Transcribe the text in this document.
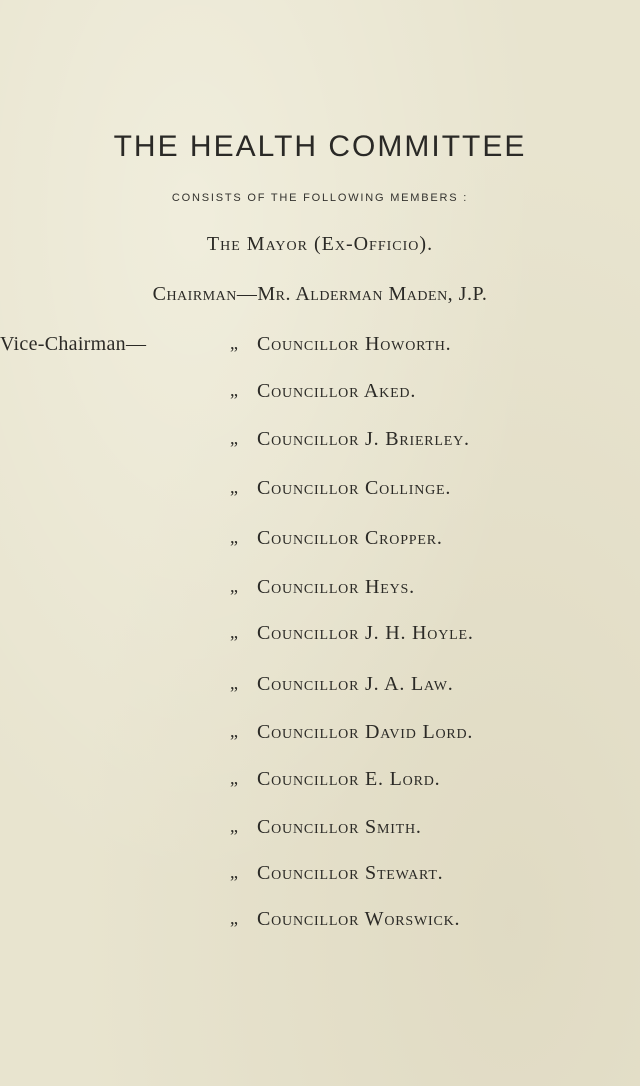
THE HEALTH COMMITTEE
CONSISTS OF THE FOLLOWING MEMBERS :
The Mayor (Ex-Officio).
Chairman—Mr. Alderman Maden, J.P.
Vice-Chairman—	„ Councillor Howorth.
„ Councillor Aked.
„ Councillor J. Brierley.
„ Councillor Collinge.
„ Councillor Cropper.
„ Councillor Heys.
„ Councillor J. H. Hoyle.
„ Councillor J. A. Law.
„ Councillor David Lord.
„ Councillor E. Lord.
„ Councillor Smith.
„ Councillor Stewart.
„ Councillor Worswick.
